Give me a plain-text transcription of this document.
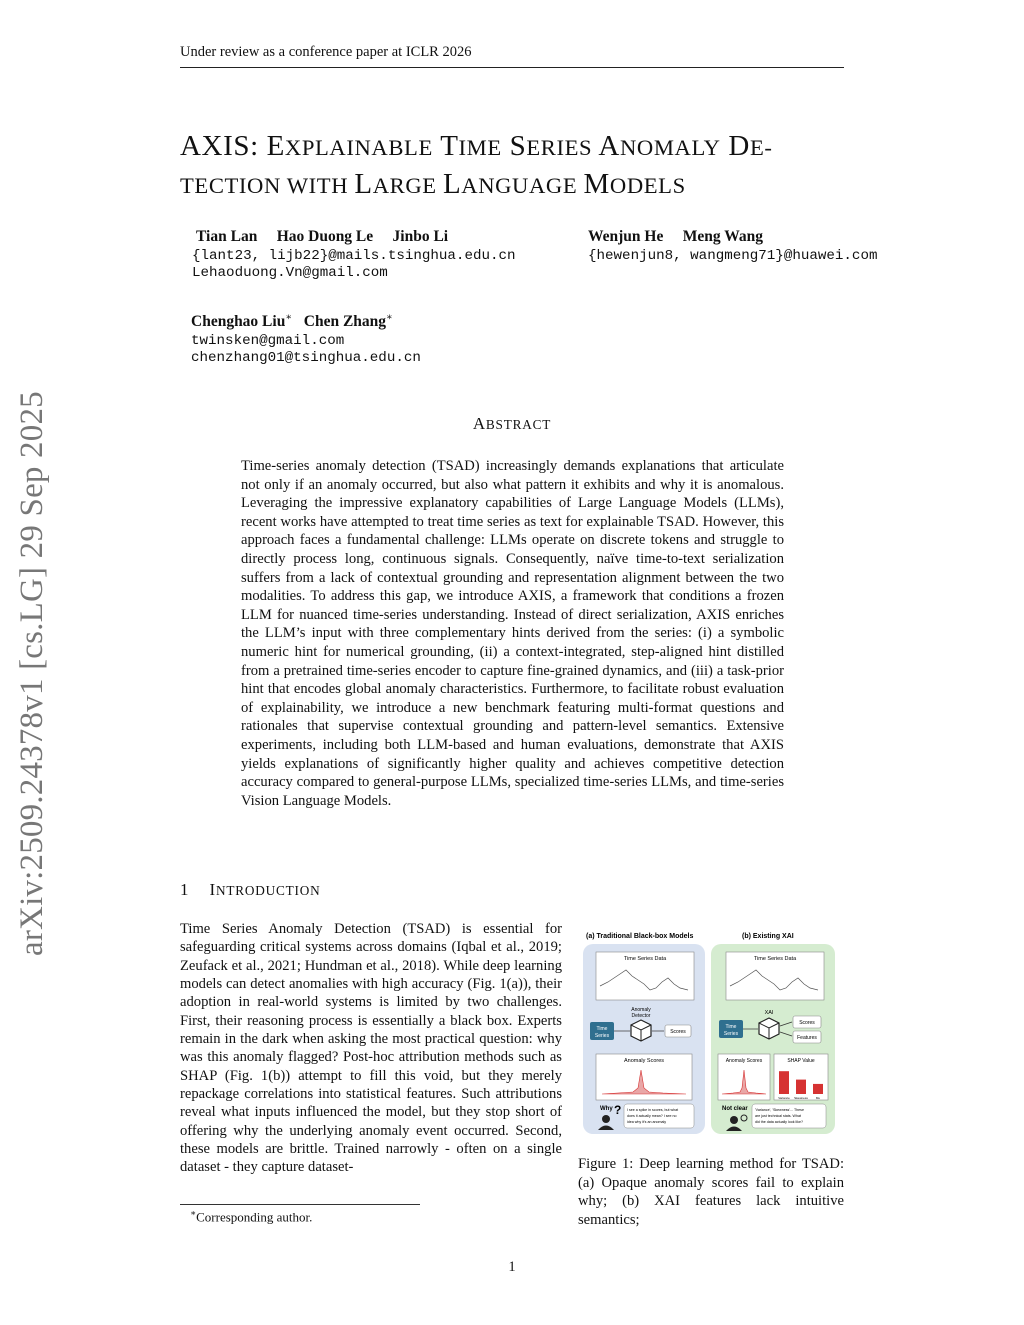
Under review as a conference paper at ICLR 2026
arXiv:2509.24378v1 [cs.LG] 29 Sep 2025
AXIS: EXPLAINABLE TIME SERIES ANOMALY DE-
TECTION WITH LARGE LANGUAGE MODELS
Tian Lan     Hao Duong Le     Jinbo Li
{lant23, lijb22}@mails.tsinghua.edu.cn
Lehaoduong.Vn@gmail.com
Wenjun He     Meng Wang
{hewenjun8, wangmeng71}@huawei.com
Chenghao Liu∗ Chen Zhang∗
twinsken@gmail.com
chenzhang01@tsinghua.edu.cn
ABSTRACT
Time-series anomaly detection (TSAD) increasingly demands explanations that articulate not only if an anomaly occurred, but also what pattern it exhibits and why it is anomalous. Leveraging the impressive explanatory capabilities of Large Language Models (LLMs), recent works have attempted to treat time series as text for explainable TSAD. However, this approach faces a fundamental challenge: LLMs operate on discrete tokens and struggle to directly process long, continuous signals. Consequently, naïve time-to-text serialization suffers from a lack of contextual grounding and representation alignment between the two modalities. To address this gap, we introduce AXIS, a framework that conditions a frozen LLM for nuanced time-series understanding. Instead of direct serialization, AXIS enriches the LLM’s input with three complementary hints derived from the series: (i) a symbolic numeric hint for numerical grounding, (ii) a context-integrated, step-aligned hint distilled from a pretrained time-series encoder to capture fine-grained dynamics, and (iii) a task-prior hint that encodes global anomaly characteristics. Furthermore, to facilitate robust evaluation of explainability, we introduce a new benchmark featuring multi-format questions and rationales that supervise contextual grounding and pattern-level semantics. Extensive experiments, including both LLM-based and human evaluations, demonstrate that AXIS yields explanations of significantly higher quality and achieves competitive detection accuracy compared to general-purpose LLMs, specialized time-series LLMs, and time-series Vision Language Models.
1 INTRODUCTION
Time Series Anomaly Detection (TSAD) is essential for safeguarding critical systems across domains (Iqbal et al., 2019; Zeufack et al., 2021; Hundman et al., 2018). While deep learning models can detect anomalies with high accuracy (Fig. 1(a)), their adoption in real-world systems is limited by two challenges. First, their reasoning process is essentially a black box. Experts remain in the dark when asking the most practical question: why was this anomaly flagged? Post-hoc attribution methods such as SHAP (Fig. 1(b)) attempt to fill this void, but they merely repackage correlations into statistical features. Such attributions reveal what inputs influenced the model, but they stop short of offering why the underlying anomaly event occurred. Second, these models are brittle. Trained narrowly - often on a single dataset - they capture dataset-
∗Corresponding author.
(a) Traditional Black-box Models	(b) Existing XAI
Time Series Data
Anomaly
Detector
Time
Series
Scores
Anomaly Scores
Why ? I see a spike in scores, but what
does it actually mean? I see no
idea why it's an anomaly
Time Series Data
XAI
Time
Series
Scores
Features
Anomaly Scores	SHAP Value
Variance Skewness	Mu
Not clear 'Variance', 'Skewness'... These
are just technical stats. What
did the data actually look like?
Figure 1: Deep learning method for TSAD: (a) Opaque anomaly scores fail to explain why; (b) XAI features lack intuitive semantics;
1
